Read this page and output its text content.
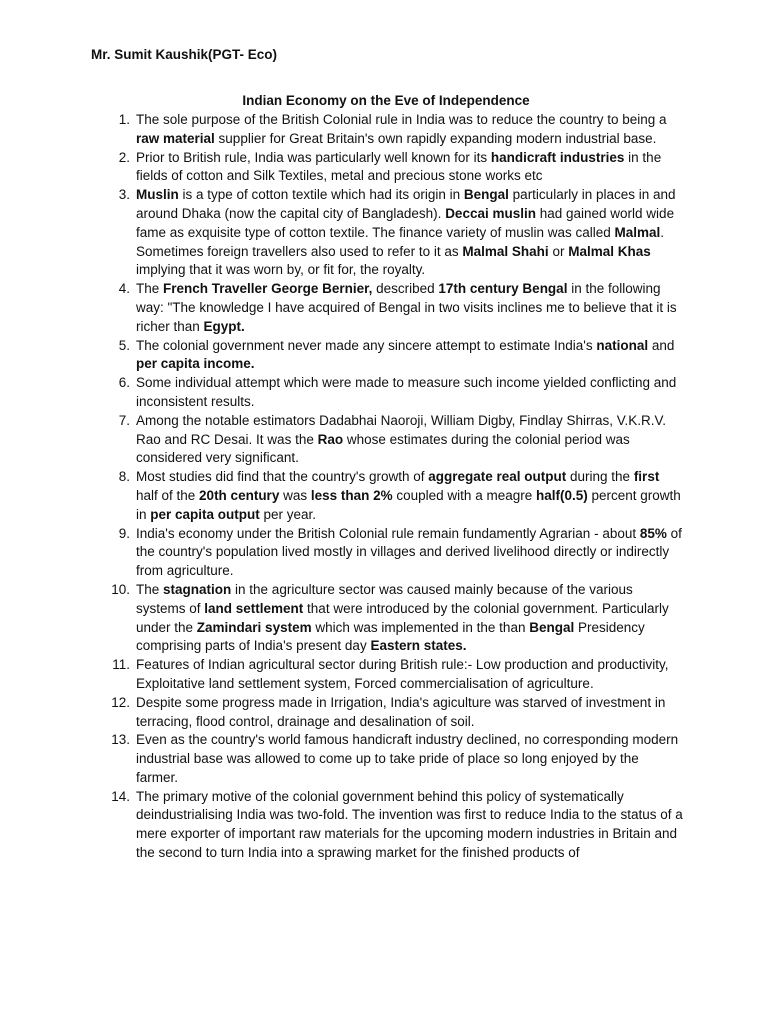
Mr. Sumit Kaushik(PGT- Eco)
Indian Economy on the Eve of Independence
1. The sole purpose of the British Colonial rule in India was to reduce the country to being a raw material supplier for Great Britain's own rapidly expanding modern industrial base.
2. Prior to British rule, India was particularly well known for its handicraft industries in the fields of cotton and Silk Textiles, metal and precious stone works etc
3. Muslin is a type of cotton textile which had its origin in Bengal particularly in places in and around Dhaka (now the capital city of Bangladesh). Deccai muslin had gained world wide fame as exquisite type of cotton textile. The finance variety of muslin was called Malmal. Sometimes foreign travellers also used to refer to it as Malmal Shahi or Malmal Khas implying that it was worn by, or fit for, the royalty.
4. The French Traveller George Bernier, described 17th century Bengal in the following way: "The knowledge I have acquired of Bengal in two visits inclines me to believe that it is richer than Egypt.
5. The colonial government never made any sincere attempt to estimate India's national and per capita income.
6. Some individual attempt which were made to measure such income yielded conflicting and inconsistent results.
7. Among the notable estimators Dadabhai Naoroji, William Digby, Findlay Shirras, V.K.R.V. Rao and RC Desai. It was the Rao whose estimates during the colonial period was considered very significant.
8. Most studies did find that the country's growth of aggregate real output during the first half of the 20th century was less than 2% coupled with a meagre half(0.5) percent growth in per capita output per year.
9. India's economy under the British Colonial rule remain fundamently Agrarian - about 85% of the country's population lived mostly in villages and derived livelihood directly or indirectly from agriculture.
10. The stagnation in the agriculture sector was caused mainly because of the various systems of land settlement that were introduced by the colonial government. Particularly under the Zamindari system which was implemented in the than Bengal Presidency comprising parts of India's present day Eastern states.
11. Features of Indian agricultural sector during British rule:- Low production and productivity, Exploitative land settlement system, Forced commercialisation of agriculture.
12. Despite some progress made in Irrigation, India's agiculture was starved of investment in terracing, flood control, drainage and desalination of soil.
13. Even as the country's world famous handicraft industry declined, no corresponding modern industrial base was allowed to come up to take pride of place so long enjoyed by the farmer.
14. The primary motive of the colonial government behind this policy of systematically deindustrialising India was two-fold. The invention was first to reduce India to the status of a mere exporter of important raw materials for the upcoming modern industries in Britain and the second to turn India into a sprawing market for the finished products of
